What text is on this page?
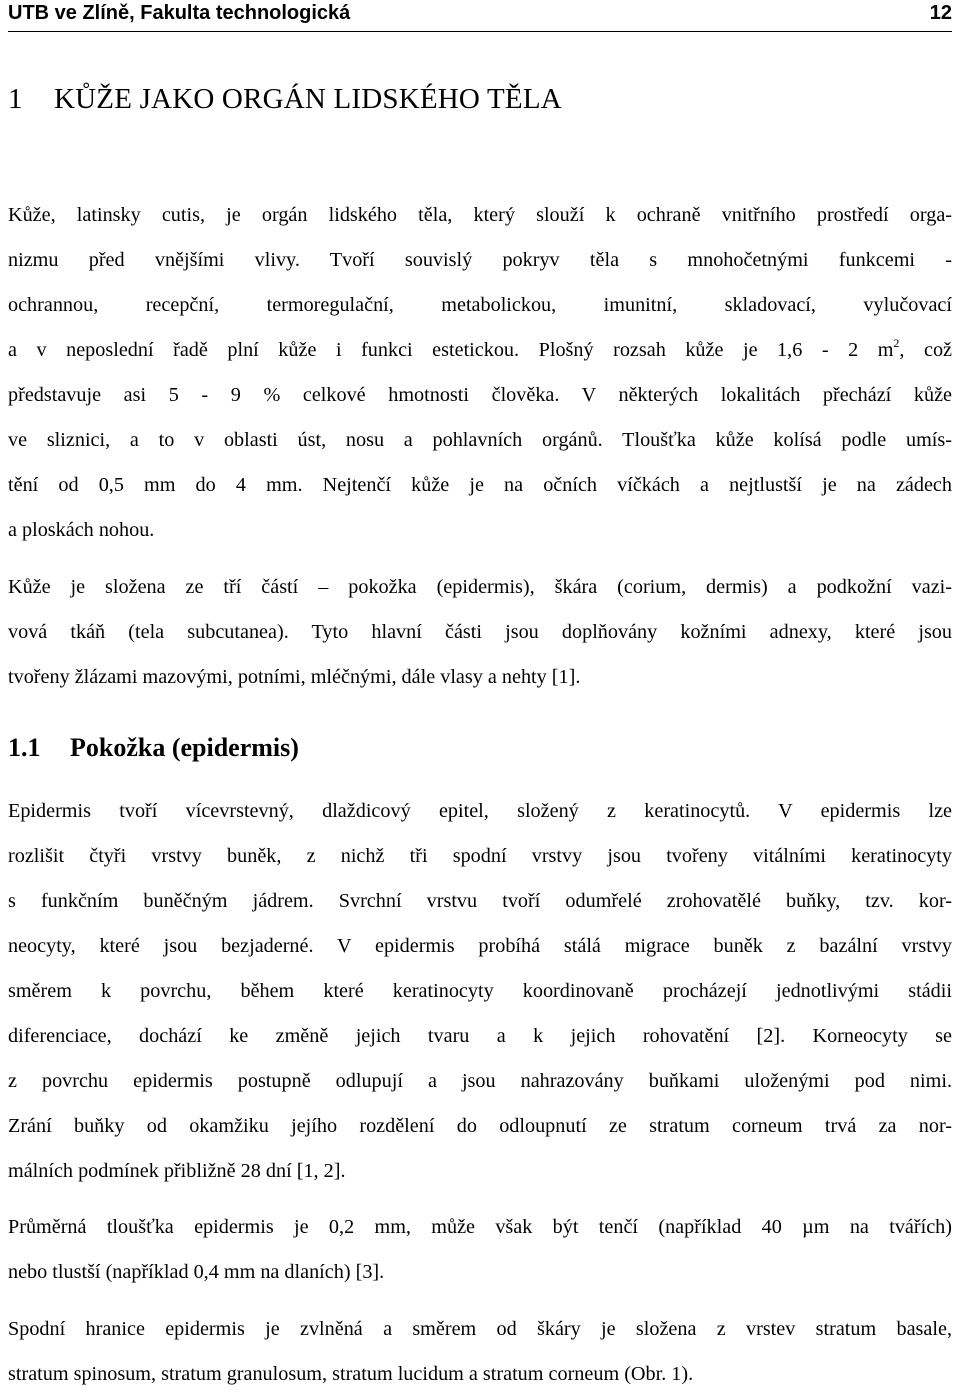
UTB ve Zlíně, Fakulta technologická	12
1 KŮŽE JAKO ORGÁN LIDSKÉHO TĚLA
Kůže, latinsky cutis, je orgán lidského těla, který slouží k ochraně vnitřního prostředí orga-
nizmu před vnějšími vlivy. Tvoří souvislý pokryv těla s mnohočetnými funkcemi -
ochrannou, recepční, termoregulační, metabolickou, imunitní, skladovací, vylučovací
a v neposlední řadě plní kůže i funkci estetickou. Plošný rozsah kůže je 1,6 - 2 $m^2$, což
představuje asi 5 - 9 % celkové hmotnosti člověka. V některých lokalitách přechází kůže
ve sliznici, a to v oblasti úst, nosu a pohlavních orgánů. Tloušťka kůže kolísá podle umís-
tění od 0,5 mm do 4 mm. Nejtenčí kůže je na očních víčkách a nejtlustší je na zádech
a ploskách nohou.
Kůže je složena ze tří částí – pokožka (epidermis), škára (corium, dermis) a podkožní vazi-
vová tkáň (tela subcutanea). Tyto hlavní části jsou doplňovány kožními adnexy, které jsou
tvořeny žlázami mazovými, potními, mléčnými, dále vlasy a nehty [1].
1.1 Pokožka (epidermis)
Epidermis tvoří vícevrstevný, dlaždicový epitel, složený z keratinocytů. V epidermis lze
rozlišit čtyři vrstvy buněk, z nichž tři spodní vrstvy jsou tvořeny vitálními keratinocyty
s funkčním buněčným jádrem. Svrchní vrstvu tvoří odumřelé zrohovatělé buňky, tzv. kor-
neocyty, které jsou bezjaderné. V epidermis probíhá stálá migrace buněk z bazální vrstvy
směrem k povrchu, během které keratinocyty koordinovaně procházejí jednotlivými stádii
diferenciace, dochází ke změně jejich tvaru a k jejich rohovatění [2]. Korneocyty se
z povrchu epidermis postupně odlupují a jsou nahrazovány buňkami uloženými pod nimi.
Zrání buňky od okamžiku jejího rozdělení do odloupnutí ze stratum corneum trvá za nor-
málních podmínek přibližně 28 dní [1, 2].
Průměrná tloušťka epidermis je 0,2 mm, může však být tenčí (například 40 µm na tvářích)
nebo tlustší (například 0,4 mm na dlaních) [3].
Spodní hranice epidermis je zvlněná a směrem od škáry je složena z vrstev stratum basale,
stratum spinosum, stratum granulosum, stratum lucidum a stratum corneum (Obr. 1).
